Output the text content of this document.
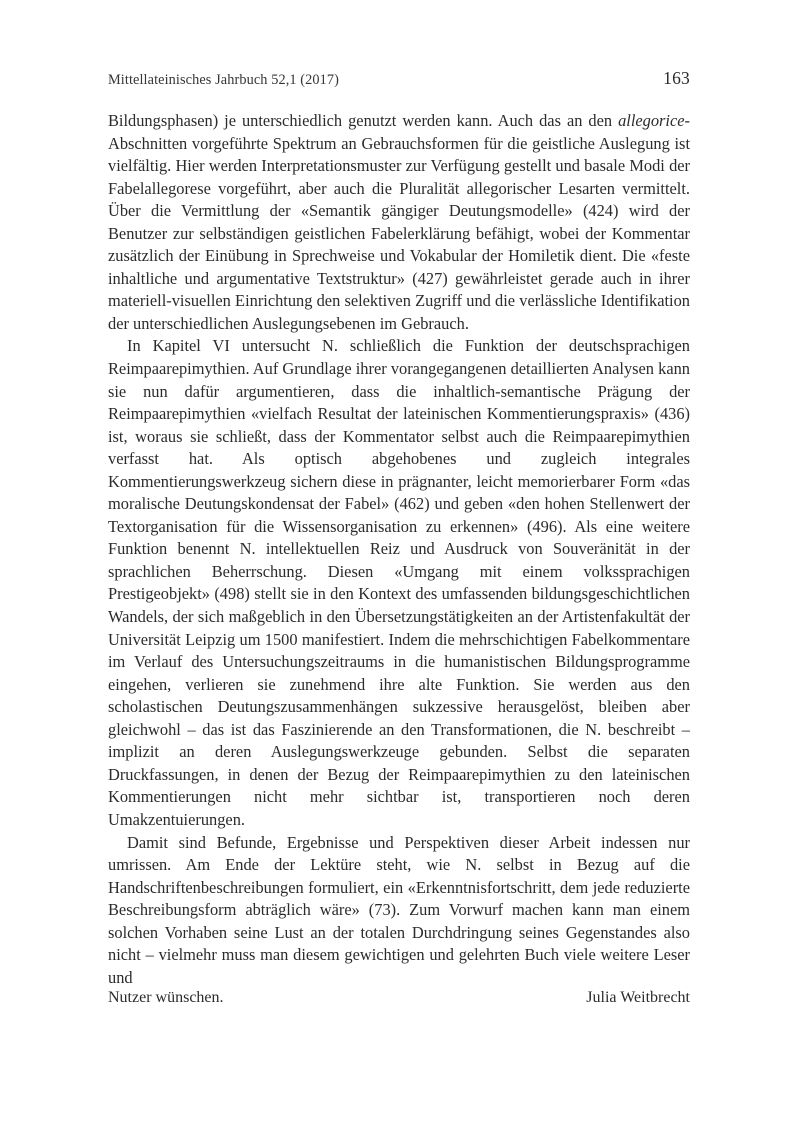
Mittellateinisches Jahrbuch 52,1 (2017)	163

Bildungsphasen) je unterschiedlich genutzt werden kann. Auch das an den allegorice-Abschnitten vorgeführte Spektrum an Gebrauchsformen für die geistliche Auslegung ist vielfältig. Hier werden Interpretationsmuster zur Verfügung gestellt und basale Modi der Fabelallegorese vorgeführt, aber auch die Pluralität allegorischer Lesarten vermittelt. Über die Vermittlung der «Semantik gängiger Deutungsmodelle» (424) wird der Benutzer zur selbständigen geistlichen Fabelerklärung befähigt, wobei der Kommentar zusätzlich der Einübung in Sprechweise und Vokabular der Homiletik dient. Die «feste inhaltliche und argumentative Textstruktur» (427) gewährleistet gerade auch in ihrer materiell-visuellen Einrichtung den selektiven Zugriff und die verlässliche Identifikation der unterschiedlichen Auslegungsebenen im Gebrauch.

In Kapitel VI untersucht N. schließlich die Funktion der deutschsprachigen Reimpaarepimythien. Auf Grundlage ihrer vorangegangenen detaillierten Analysen kann sie nun dafür argumentieren, dass die inhaltlich-semantische Prägung der Reimpaarepimythien «vielfach Resultat der lateinischen Kommentierungspraxis» (436) ist, woraus sie schließt, dass der Kommentator selbst auch die Reimpaarepimythien verfasst hat. Als optisch abgehobenes und zugleich integrales Kommentierungswerkzeug sichern diese in prägnanter, leicht memorierbarer Form «das moralische Deutungskondensat der Fabel» (462) und geben «den hohen Stellenwert der Textorganisation für die Wissensorganisation zu erkennen» (496). Als eine weitere Funktion benennt N. intellektuellen Reiz und Ausdruck von Souveränität in der sprachlichen Beherrschung. Diesen «Umgang mit einem volkssprachigen Prestigeobjekt» (498) stellt sie in den Kontext des umfassenden bildungsgeschichtlichen Wandels, der sich maßgeblich in den Übersetzungstätigkeiten an der Artistenfakultät der Universität Leipzig um 1500 manifestiert. Indem die mehrschichtigen Fabelkommentare im Verlauf des Untersuchungszeitraums in die humanistischen Bildungsprogramme eingehen, verlieren sie zunehmend ihre alte Funktion. Sie werden aus den scholastischen Deutungszusammenhängen sukzessive herausgelöst, bleiben aber gleichwohl – das ist das Faszinierende an den Transformationen, die N. beschreibt – implizit an deren Auslegungswerkzeuge gebunden. Selbst die separaten Druckfassungen, in denen der Bezug der Reimpaarepimythien zu den lateinischen Kommentierungen nicht mehr sichtbar ist, transportieren noch deren Umakzentuierungen.

Damit sind Befunde, Ergebnisse und Perspektiven dieser Arbeit indessen nur umrissen. Am Ende der Lektüre steht, wie N. selbst in Bezug auf die Handschriftenbeschreibungen formuliert, ein «Erkenntnisfortschritt, dem jede reduzierte Beschreibungsform abträglich wäre» (73). Zum Vorwurf machen kann man einem solchen Vorhaben seine Lust an der totalen Durchdringung seines Gegenstandes also nicht – vielmehr muss man diesem gewichtigen und gelehrten Buch viele weitere Leser und

Nutzer wünschen.	Julia Weitbrecht
